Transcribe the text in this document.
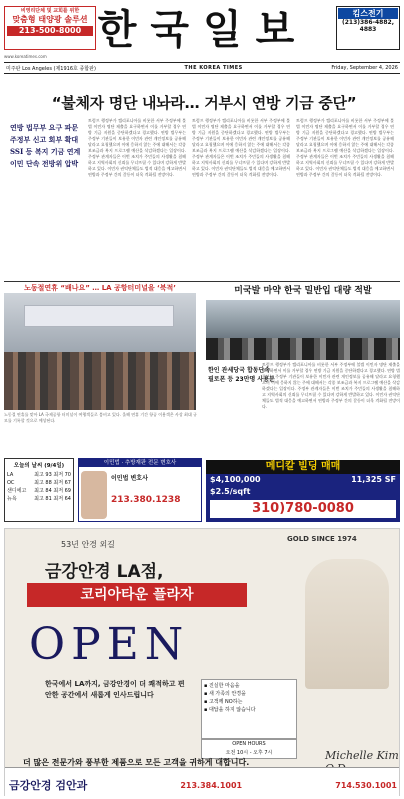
비영리단체 및 교회를 위한
맞춤형 태양광 솔루션
213-500-8000 한국일보	킴스전기
(213)386-4882, 4883
www.koreatimes.com
미주판 Los Angeles (제1916호 종합판)	THE KOREA TIMES	Friday, September 4, 2026
“불체자 명단 내놔라… 거부시 연방 기금 중단”
연방 법무부 요구 파문
주정부 신고 회부 확대
SSI 등 복지 기금 연계
이민 단속 전방위 압박
트럼프 행정부가 캘리포니아를 비롯한 서부 주정부에 불법 이민자 명단 제출을 요구하면서 이를 거부할 경우 연방 기금 지원을 중단하겠다고 경고했다. 연방 법무부는 주정부 기관들이 보유한 이민자 관련 개인정보를 공유해 달라고 요청했으며 이에 응하지 않는 주에 대해서는 각종 보조금과 복지 프로그램 예산을 삭감하겠다는 입장이다. 주정부 관계자들은 이번 조치가 주민들의 사생활을 침해하고 지역사회의 신뢰를 무너뜨릴 수 있다며 강하게 반발하고 있다. 이민자 권익단체들도 법적 대응을 예고하면서 연방과 주정부 간의 갈등이 더욱 격화될 전망이다.
트럼프 행정부가 캘리포니아를 비롯한 서부 주정부에 불법 이민자 명단 제출을 요구하면서 이를 거부할 경우 연방 기금 지원을 중단하겠다고 경고했다. 연방 법무부는 주정부 기관들이 보유한 이민자 관련 개인정보를 공유해 달라고 요청했으며 이에 응하지 않는 주에 대해서는 각종 보조금과 복지 프로그램 예산을 삭감하겠다는 입장이다. 주정부 관계자들은 이번 조치가 주민들의 사생활을 침해하고 지역사회의 신뢰를 무너뜨릴 수 있다며 강하게 반발하고 있다. 이민자 권익단체들도 법적 대응을 예고하면서 연방과 주정부 간의 갈등이 더욱 격화될 전망이다.
트럼프 행정부가 캘리포니아를 비롯한 서부 주정부에 불법 이민자 명단 제출을 요구하면서 이를 거부할 경우 연방 기금 지원을 중단하겠다고 경고했다. 연방 법무부는 주정부 기관들이 보유한 이민자 관련 개인정보를 공유해 달라고 요청했으며 이에 응하지 않는 주에 대해서는 각종 보조금과 복지 프로그램 예산을 삭감하겠다는 입장이다. 주정부 관계자들은 이번 조치가 주민들의 사생활을 침해하고 지역사회의 신뢰를 무너뜨릴 수 있다며 강하게 반발하고 있다. 이민자 권익단체들도 법적 대응을 예고하면서 연방과 주정부 간의 갈등이 더욱 격화될 전망이다.
노동절연휴 “배나요” … LA 공항터미널을 ‘북적’	미국발 마약 한국 밀반입 대량 적발
한인 관세당국 합동단속
필로폰 등 23만명 사용분
트럼프 행정부가 캘리포니아를 비롯한 서부 주정부에 불법 이민자 명단 제출을 요구하면서 이를 거부할 경우 연방 기금 지원을 중단하겠다고 경고했다. 연방 법무부는 주정부 기관들이 보유한 이민자 관련 개인정보를 공유해 달라고 요청했으며 이에 응하지 않는 주에 대해서는 각종 보조금과 복지 프로그램 예산을 삭감하겠다는 입장이다. 주정부 관계자들은 이번 조치가 주민들의 사생활을 침해하고 지역사회의 신뢰를 무너뜨릴 수 있다며 강하게 반발하고 있다. 이민자 권익단체들도 법적 대응을 예고하면서 연방과 주정부 간의 갈등이 더욱 격화될 전망이다.
노동절 연휴를 맞아 LA 국제공항 터미널이 여행객들로 붐비고 있다. 올해 연휴 기간 항공 이용객은 사상 최대 규모를 기록할 것으로 예상된다.
오늘의 날씨 (9/4일)
LA	최고 93 최저 70
OC	최고 88 최저 67
샌디에고 최고 84 최저 69
뉴욕	최고 81 최저 64
이민법 · 추방재판 전문 변호사
이민법 변호사
213.380.1238
메디칼 빌딩 매매
$4,100,000	11,325 SF
$2.5/sqft
310)780-0080
53년 안경 외길
금강안경 LA점,
코리아타운 플라자
OPEN
GOLD SINCE 1974
한국에서 LA까지, 금강안경이 더 쾌적하고 편안한 공간에서 새롭게 인사드립니다
▪ 진실한 마음을
▪ 새 가족의 안경을
▪ 고객께 NO하는
▪ 대답을 하지 않습니다
OPEN HOURS
오전 10시 - 오후 7시	Michelle Kim
더 많은 전문가와 풍부한 제품으로 모든 고객을 귀하게 대합니다.
금강안경 검안과	213.384.1001	714.530.1001
